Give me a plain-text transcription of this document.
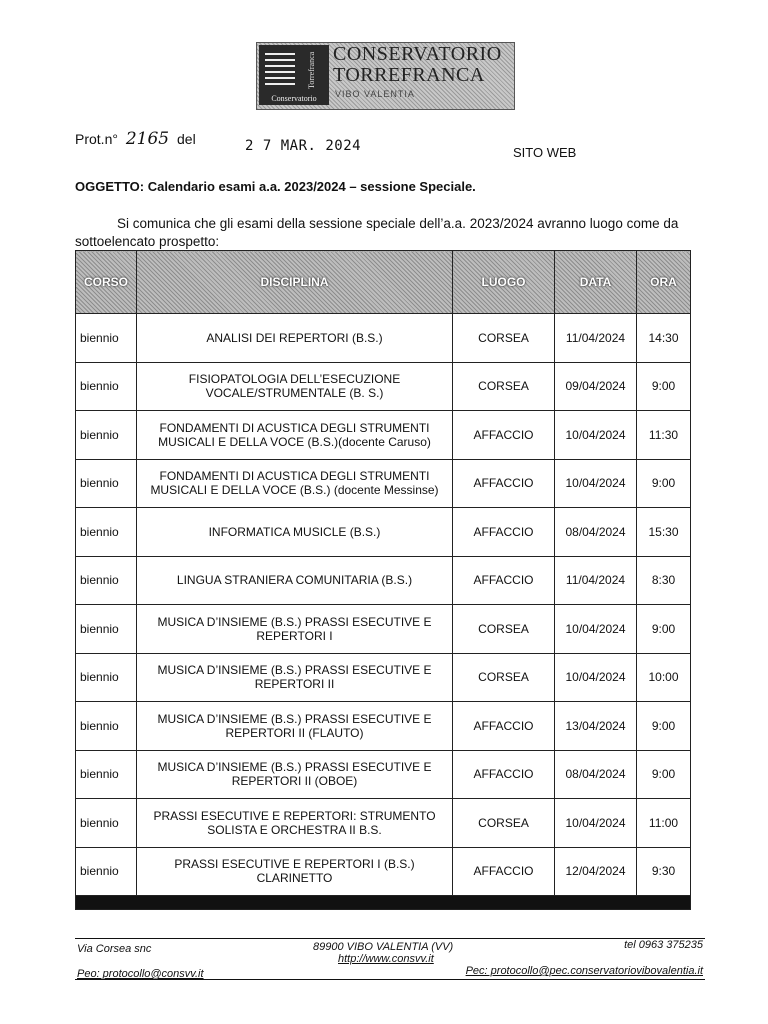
Torrefranca
Conservatorio
CONSERVATORIO
TORREFRANCA
VIBO VALENTIA
Prot.n° 2165 del	2 7 MAR. 2024	SITO WEB
OGGETTO: Calendario esami a.a. 2023/2024 – sessione Speciale.
Si comunica che gli esami della sessione speciale dell’a.a. 2023/2024 avranno luogo come da sottoelencato prospetto:
CORSO	DISCIPLINA	LUOGO	DATA	ORA
biennio	ANALISI DEI REPERTORI (B.S.)	CORSEA	11/04/2024	14:30
biennio	FISIOPATOLOGIA DELL’ESECUZIONE VOCALE/STRUMENTALE (B. S.)	CORSEA	09/04/2024	9:00
biennio	FONDAMENTI DI ACUSTICA DEGLI STRUMENTI MUSICALI E DELLA VOCE (B.S.)(docente Caruso)	AFFACCIO	10/04/2024	11:30
biennio	FONDAMENTI DI ACUSTICA DEGLI STRUMENTI MUSICALI E DELLA VOCE (B.S.) (docente Messinse)	AFFACCIO	10/04/2024	9:00
biennio	INFORMATICA MUSICLE (B.S.)	AFFACCIO	08/04/2024	15:30
biennio	LINGUA STRANIERA COMUNITARIA (B.S.)	AFFACCIO	11/04/2024	8:30
biennio	MUSICA D’INSIEME (B.S.) PRASSI ESECUTIVE E REPERTORI I	CORSEA	10/04/2024	9:00
biennio	MUSICA D’INSIEME (B.S.) PRASSI ESECUTIVE E REPERTORI II	CORSEA	10/04/2024	10:00
biennio	MUSICA D’INSIEME (B.S.) PRASSI ESECUTIVE E REPERTORI II (FLAUTO)	AFFACCIO	13/04/2024	9:00
biennio	MUSICA D’INSIEME (B.S.) PRASSI ESECUTIVE E REPERTORI II (OBOE)	AFFACCIO	08/04/2024	9:00
biennio	PRASSI ESECUTIVE E REPERTORI: STRUMENTO SOLISTA E ORCHESTRA II B.S.	CORSEA	10/04/2024	11:00
biennio	PRASSI ESECUTIVE E REPERTORI I (B.S.) CLARINETTO	AFFACCIO	12/04/2024	9:30

Via Corsea snc	89900 VIBO VALENTIA (VV)	tel 0963 375235
http://www.consvv.it
Peo: protocollo@consvv.it	Pec: protocollo@pec.conservatoriovibovalentia.it
